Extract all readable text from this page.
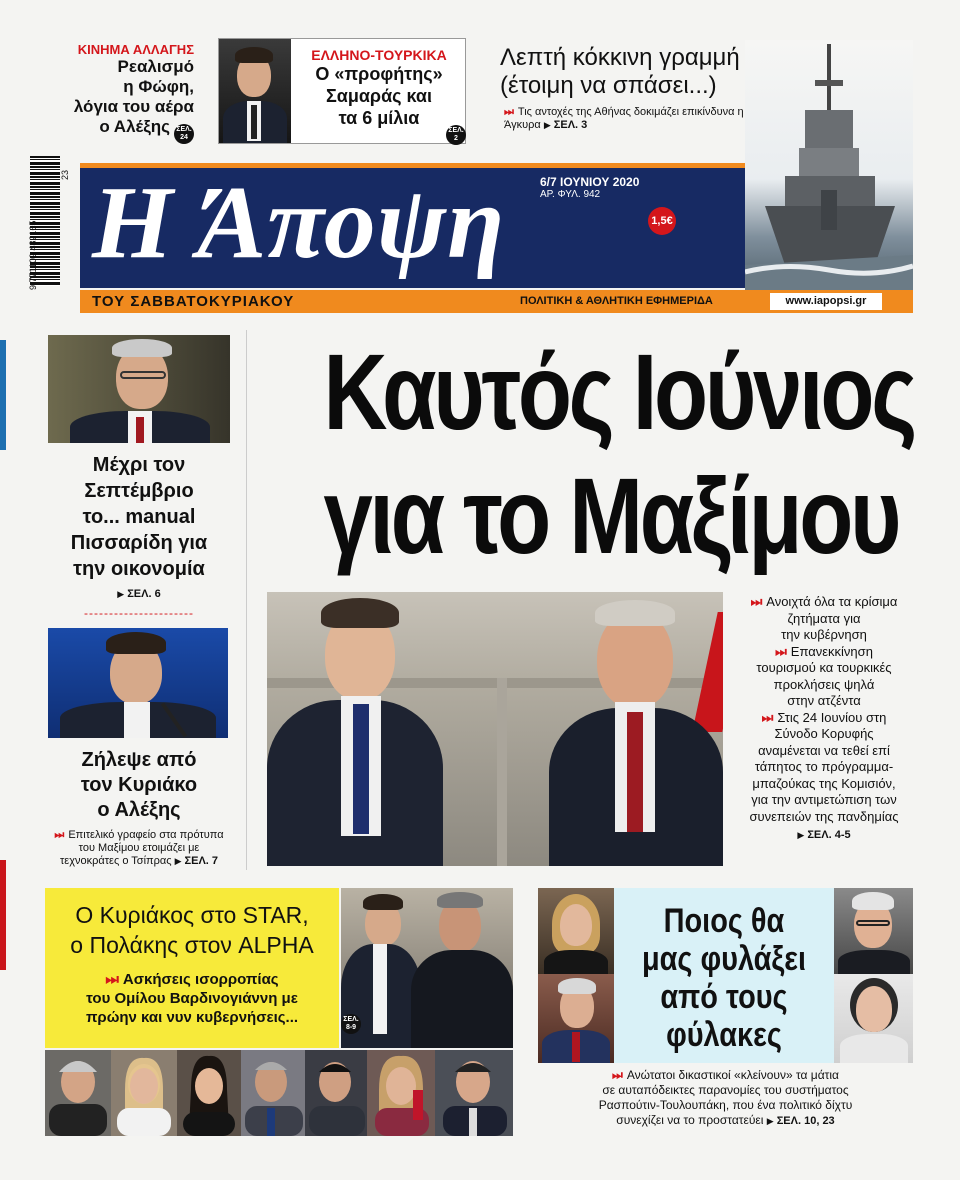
ΚΙΝΗΜΑ ΑΛΛΑΓΗΣ
Ρεαλισμό
η Φώφη,
λόγια του αέρα
ο Αλέξης ΣΕΛ.
24
ΕΛΛΗΝΟ-ΤΟΥΡΚΙΚΑ
Ο «προφήτης»
Σαμαράς και
τα 6 μίλια
ΣΕΛ.
2
Λεπτή κόκκινη γραμμή
(έτοιμη να σπάσει...)
⏭ Τις αντοχές της Αθήνας δοκιμάζει επικίνδυνα η Άγκυρα ▶ ΣΕΛ. 3
9 771109 482165
23 Η Άποψη	6/7 ΙΟΥΝΙΟΥ 2020
ΑΡ. ΦΥΛ. 942
1,5€
ΤΟΥ ΣΑΒΒΑΤΟΚΥΡΙΑΚΟΥ	ΠΟΛΙΤΙΚΗ & ΑΘΛΗΤΙΚΗ ΕΦΗΜΕΡΙΔΑ	www.iapopsi.gr
Μέχρι τον
Σεπτέμβριο
το... manual
Πισσαρίδη για
την οικονομία
▶ ΣΕΛ. 6
----------------------
Ζήλεψε από
τον Κυριάκο
ο Αλέξης
⏭ Επιτελικό γραφείο στα πρότυπα
του Μαξίμου ετοιμάζει με
τεχνοκράτες ο Τσίπρας ▶ ΣΕΛ. 7
Καυτός Ιούνιος
για το Μαξίμου
⏭ Ανοιχτά όλα τα κρίσιμα
ζητήματα για
την κυβέρνηση
⏭ Επανεκκίνηση
τουρισμού κα τουρκικές
προκλήσεις ψηλά
στην ατζέντα
⏭ Στις 24 Ιουνίου στη
Σύνοδο Κορυφής
αναμένεται να τεθεί επί
τάπητος το πρόγραμμα-
μπαζούκας της Κομισιόν,
για την αντιμετώπιση των
συνεπειών της πανδημίας
▶ ΣΕΛ. 4-5
Ο Κυριάκος στο STAR,
ο Πολάκης στον ALPHA
⏭ Ασκήσεις ισορροπίας
του Ομίλου Βαρδινογιάννη με
πρώην και νυν κυβερνήσεις...	ΣΕΛ.
8-9
Ποιος θα
μας φυλάξει
από τους
φύλακες
⏭ Ανώτατοι δικαστικοί «κλείνουν» τα μάτια
σε αυταπόδεικτες παρανομίες του συστήματος
Ρασπούτιν-Τουλουπάκη, που ένα πολιτικό δίχτυ
συνεχίζει να το προστατεύει ▶ ΣΕΛ. 10, 23
